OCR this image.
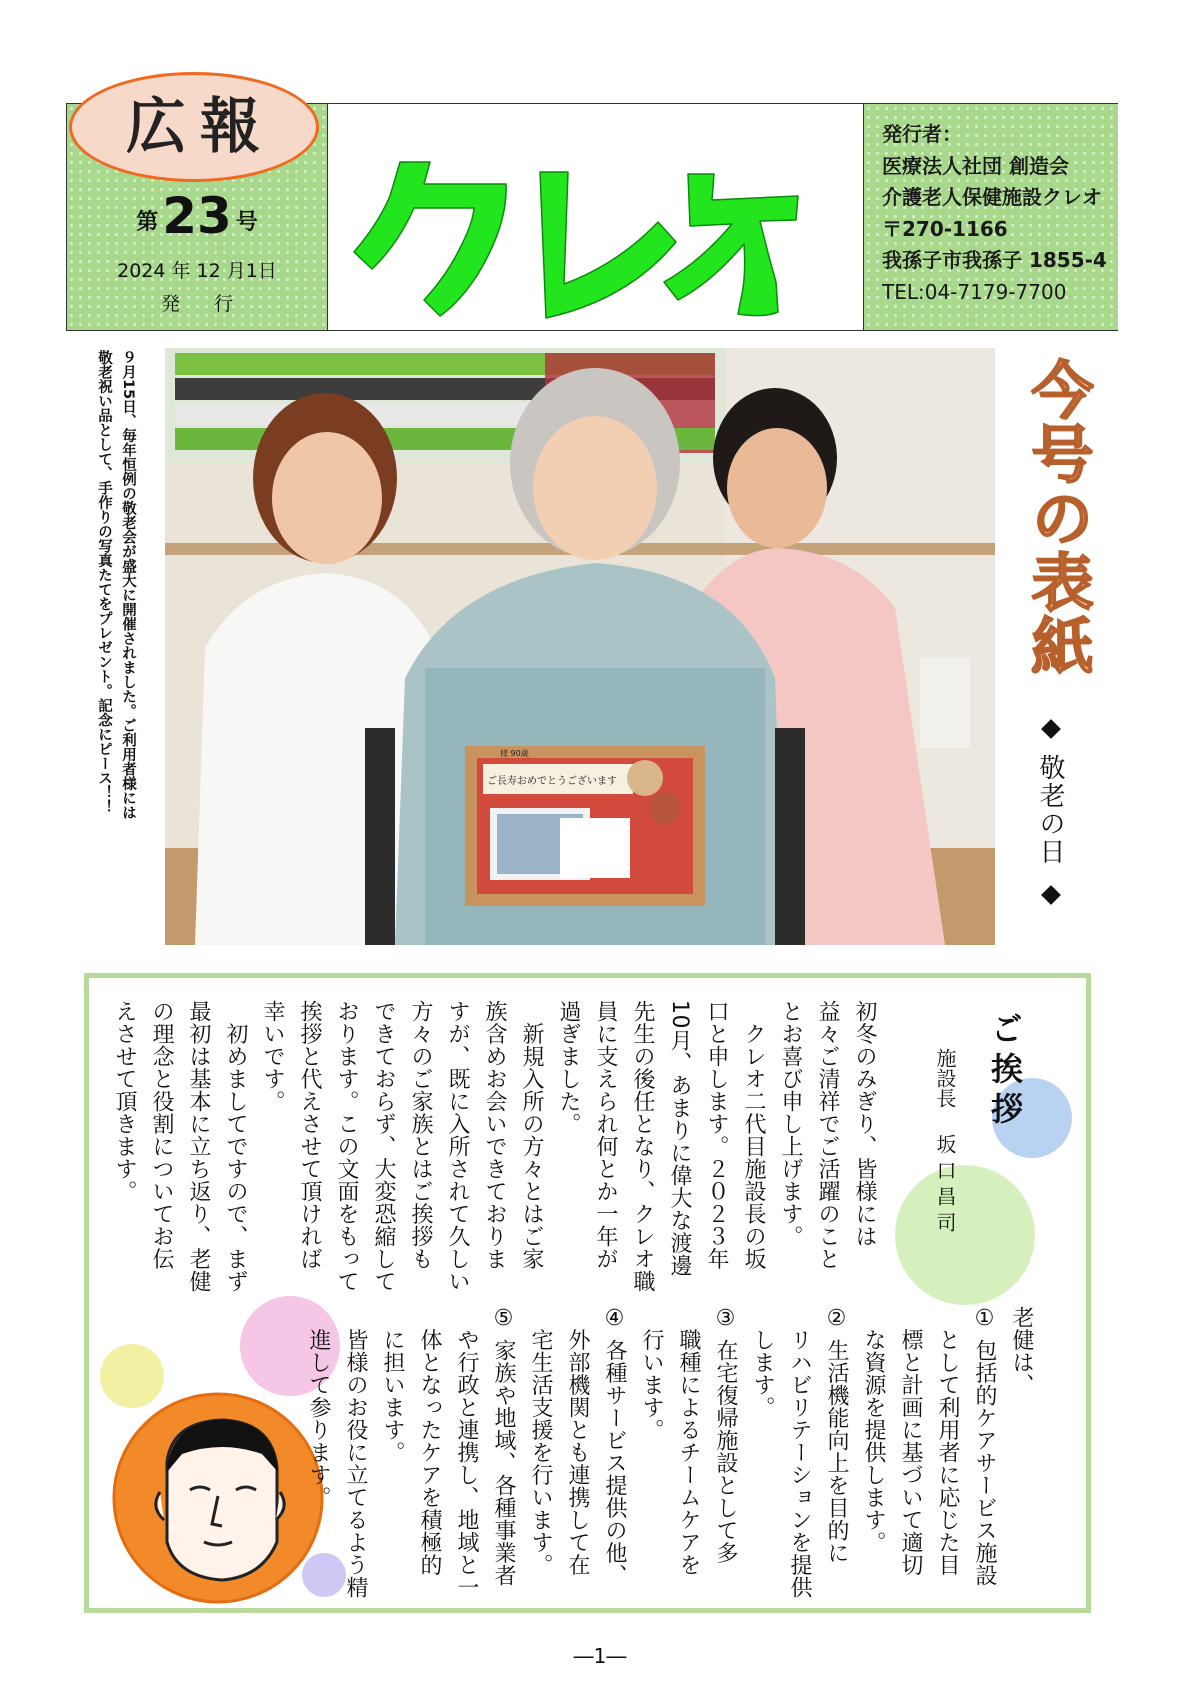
広報
第23 号
2024 年 12 月1日
発行
発行者：
医療法人社団 創造会
介護老人保健施設クレオ
〒270-1166
我孫子市我孫子 1855-4
TEL:04-7179-7700
９月15日、毎年恒例の敬老会が盛大に開催されました。ご利用者様には
敬老祝い品として、手作りの写真たてをプレゼント。記念にピース！！	様 90歳
ご長寿おめでとうございます
今号の表紙
敬老の日
ご挨拶
施設長坂口昌司
初冬のみぎり、皆様には
益々ご清祥でご活躍のこと
とお喜び申し上げます。
　クレオ二代目施設長の坂
口と申します。２０２３年
10月、あまりに偉大な渡邊
先生の後任となり、クレオ職
員に支えられ何とか一年が
過ぎました。
　新規入所の方々とはご家
族含めお会いできておりま
すが、既に入所されて久しい
方々のご家族とはご挨拶も
できておらず、大変恐縮して
おります。この文面をもって
挨拶と代えさせて頂ければ
幸いです。
　初めましてですので、まず
最初は基本に立ち返り、老健
の理念と役割についてお伝
えさせて頂きます。
老健は、
① 包括的ケアサービス施設
　として利用者に応じた目
　標と計画に基づいて適切
　な資源を提供します。
② 生活機能向上を目的に
　リハビリテーションを提供
　します。
③ 在宅復帰施設として多
　職種によるチームケアを
　行います。
④ 各種サービス提供の他、
　外部機関とも連携して在
　宅生活支援を行います。
⑤ 家族や地域、各種事業者
　や行政と連携し、地域と一
　体となったケアを積極的
　に担います。
　皆様のお役に立てるよう精
　進して参ります。
―1―
